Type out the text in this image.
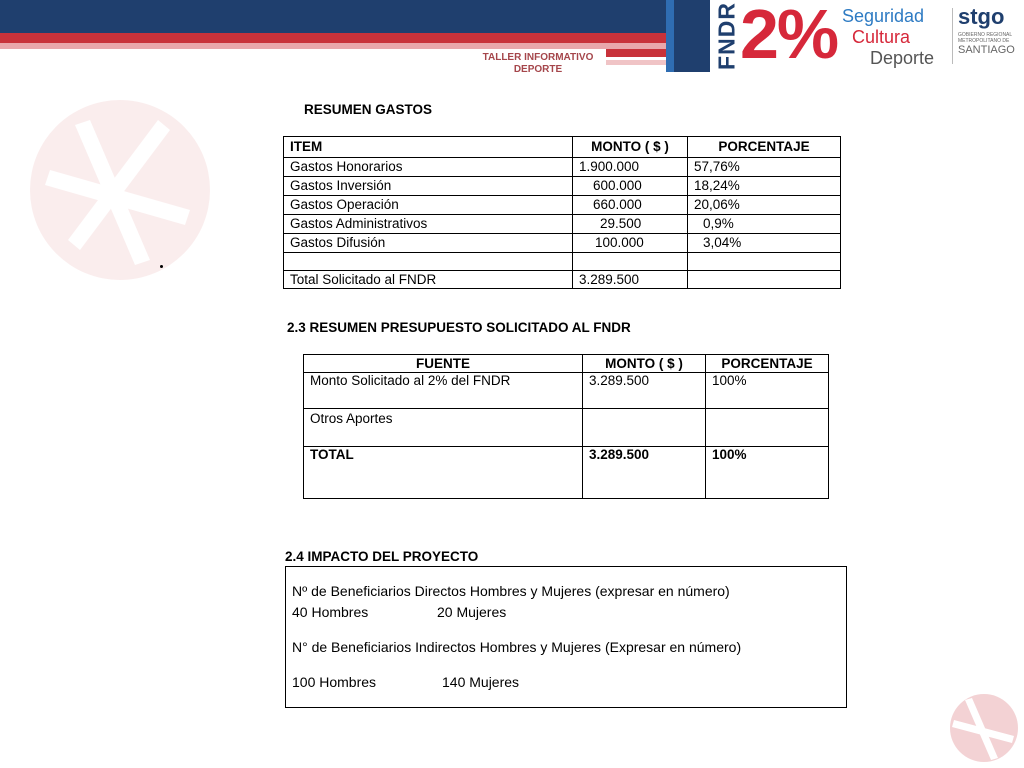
TALLER INFORMATIVO
DEPORTE	FNDR 2% Seguridad
Cultura
Deporte
stgo
GOBIERNO REGIONAL
METROPOLITANO DE
SANTIAGO
RESUMEN GASTOS
ITEM	MONTO ( $ )	PORCENTAJE
Gastos Honorarios	1.900.000	57,76%
Gastos Inversión	600.000	18,24%
Gastos Operación	660.000	20,06%
Gastos Administrativos	29.500	0,9%
Gastos Difusión	100.000	3,04%

Total Solicitado al FNDR	3.289.500	
2.3 RESUMEN PRESUPUESTO SOLICITADO AL FNDR
FUENTE	MONTO ( $ )	PORCENTAJE
Monto Solicitado al 2% del FNDR	3.289.500	100%
Otros Aportes		
TOTAL	3.289.500	100%
2.4 IMPACTO DEL PROYECTO
Nº de Beneficiarios Directos Hombres y Mujeres (expresar en número)
40 Hombres	20 Mujeres
N° de Beneficiarios Indirectos Hombres y Mujeres (Expresar en número)
100 Hombres	140 Mujeres
